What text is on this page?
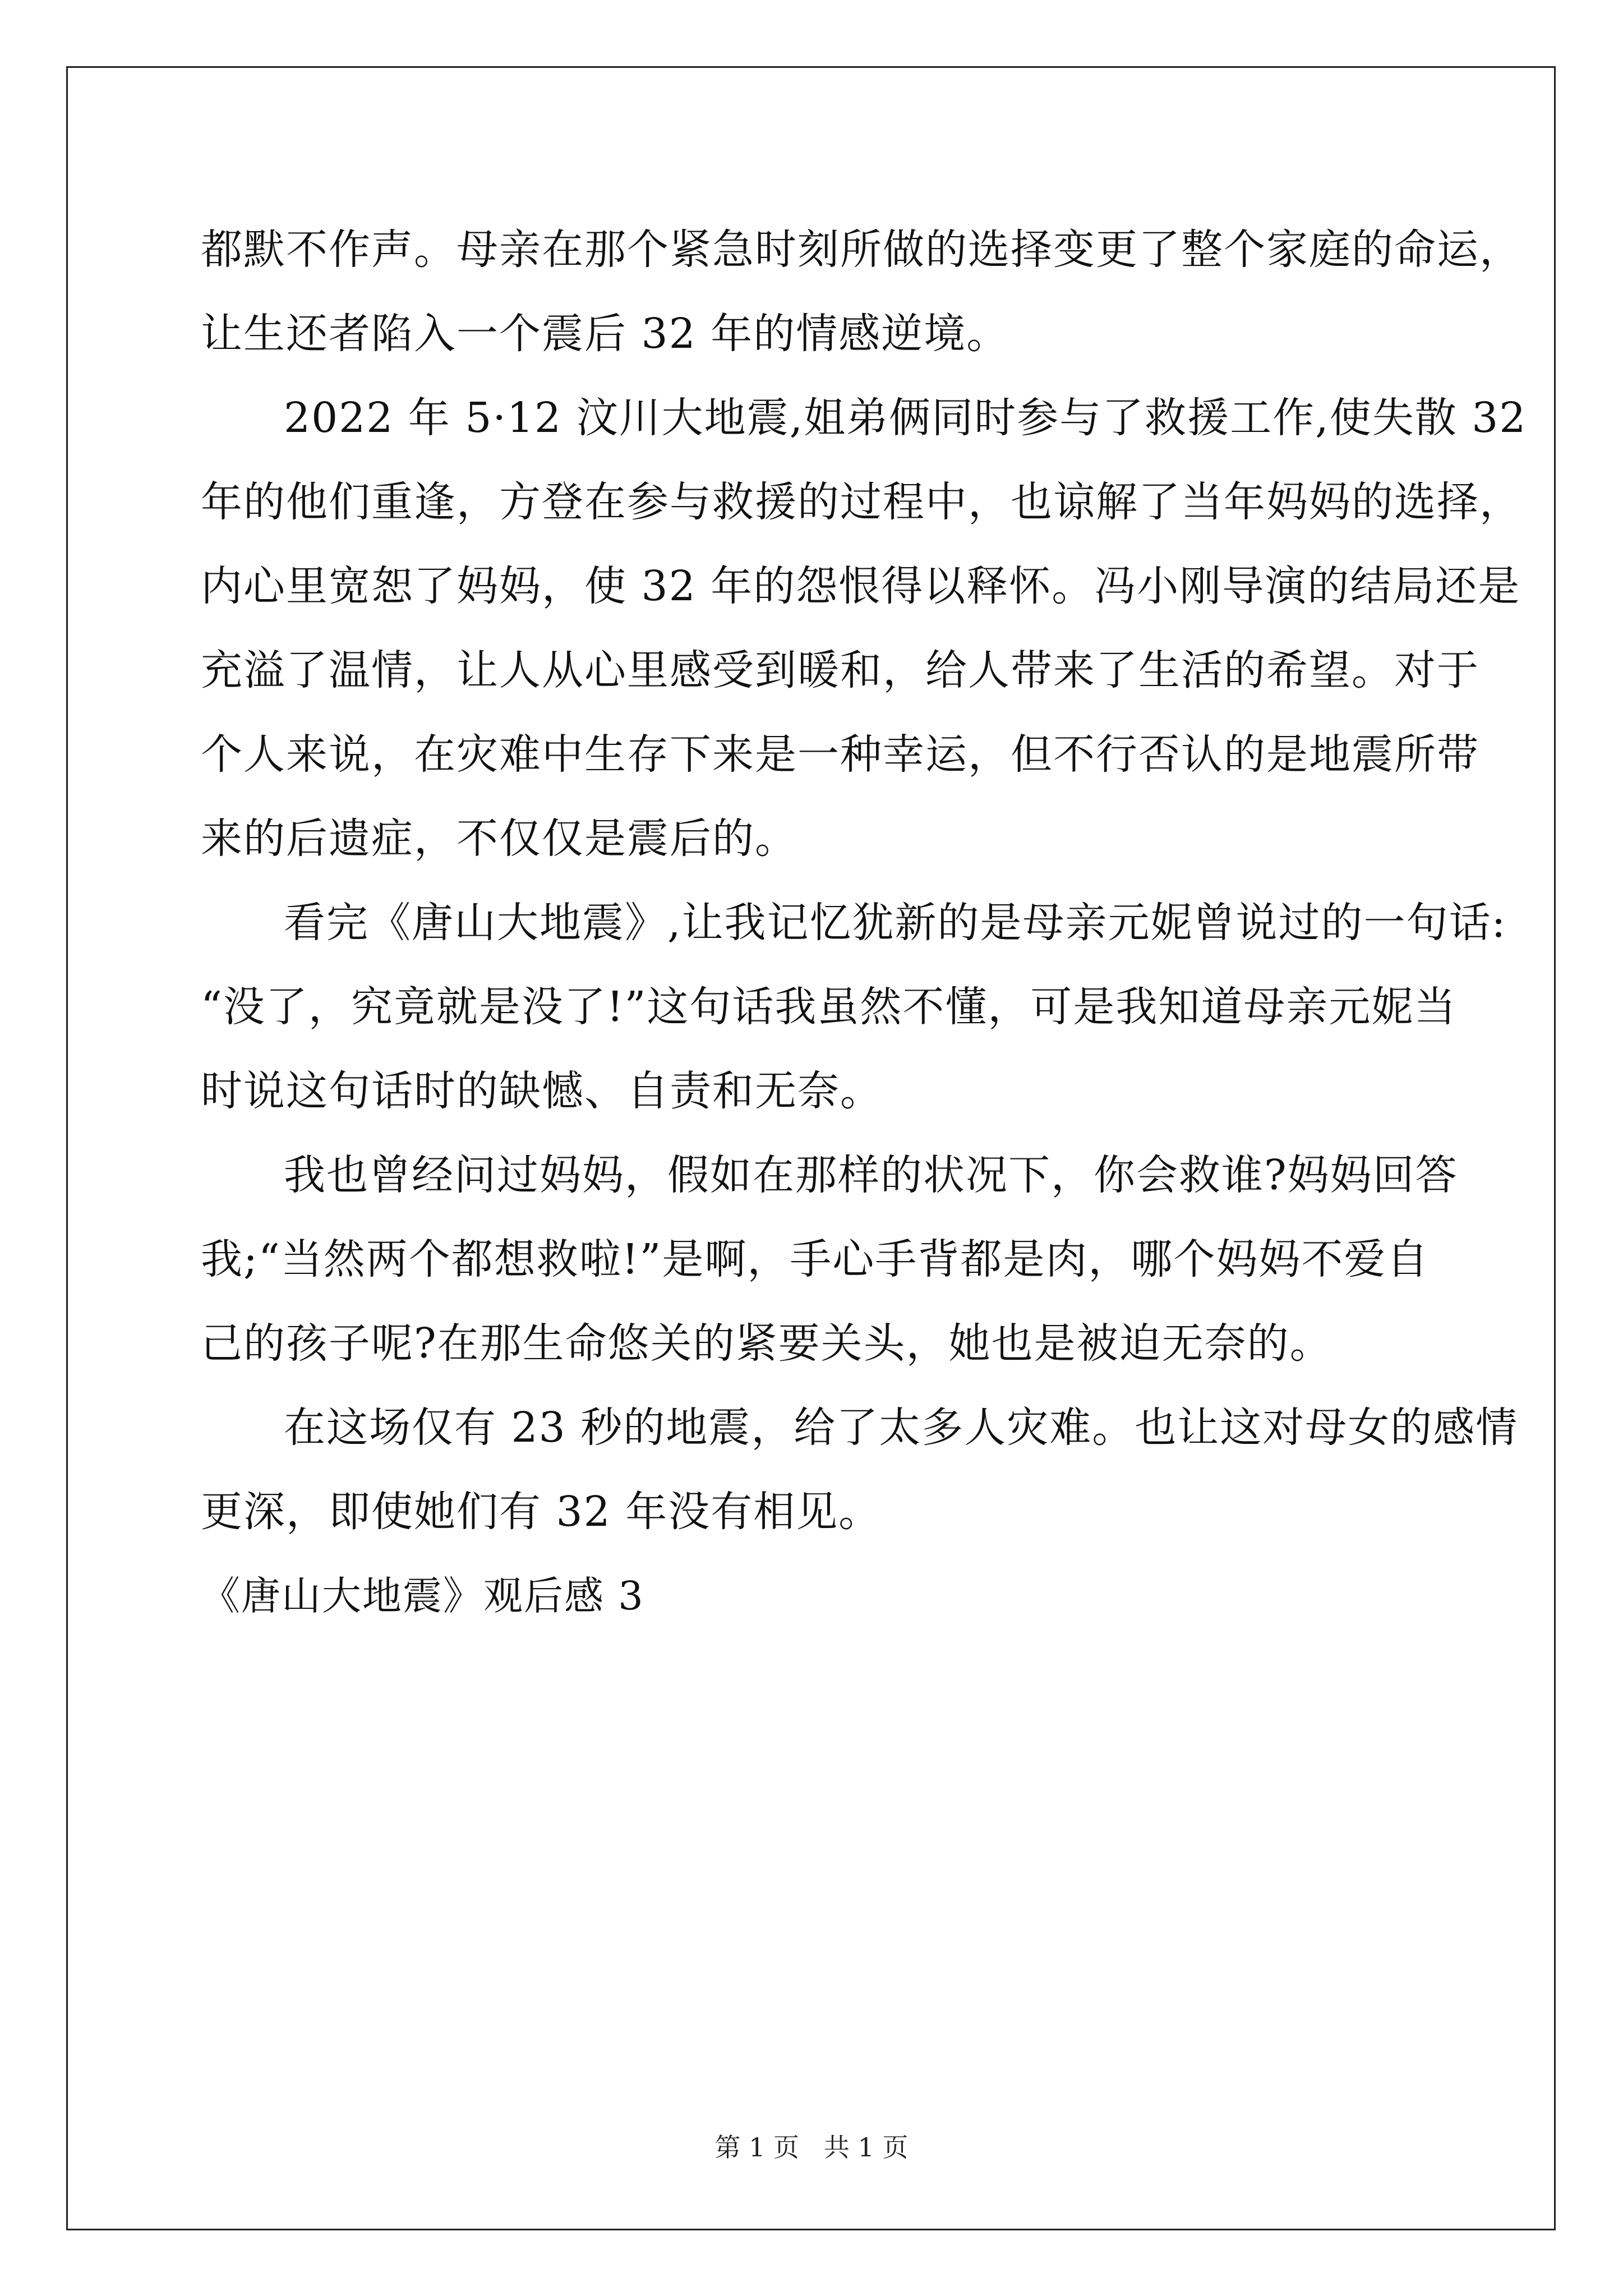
都默不作声。母亲在那个紧急时刻所做的选择变更了整个家庭的命运，
让生还者陷入一个震后 32 年的情感逆境。
2022 年 5·12 汶川大地震,姐弟俩同时参与了救援工作,使失散 32
年的他们重逢，方登在参与救援的过程中，也谅解了当年妈妈的选择，
内心里宽恕了妈妈，使 32 年的怨恨得以释怀。冯小刚导演的结局还是
充溢了温情，让人从心里感受到暖和，给人带来了生活的希望。对于
个人来说，在灾难中生存下来是一种幸运，但不行否认的是地震所带
来的后遗症，不仅仅是震后的。
看完《唐山大地震》,让我记忆犹新的是母亲元妮曾说过的一句话:
“没了，究竟就是没了!”这句话我虽然不懂，可是我知道母亲元妮当
时说这句话时的缺憾、自责和无奈。
我也曾经问过妈妈，假如在那样的状况下，你会救谁?妈妈回答
我;“当然两个都想救啦!”是啊，手心手背都是肉，哪个妈妈不爱自
己的孩子呢?在那生命悠关的紧要关头，她也是被迫无奈的。
在这场仅有 23 秒的地震，给了太多人灾难。也让这对母女的感情
更深，即使她们有 32 年没有相见。
《唐山大地震》观后感 3
第 1 页   共 1 页
